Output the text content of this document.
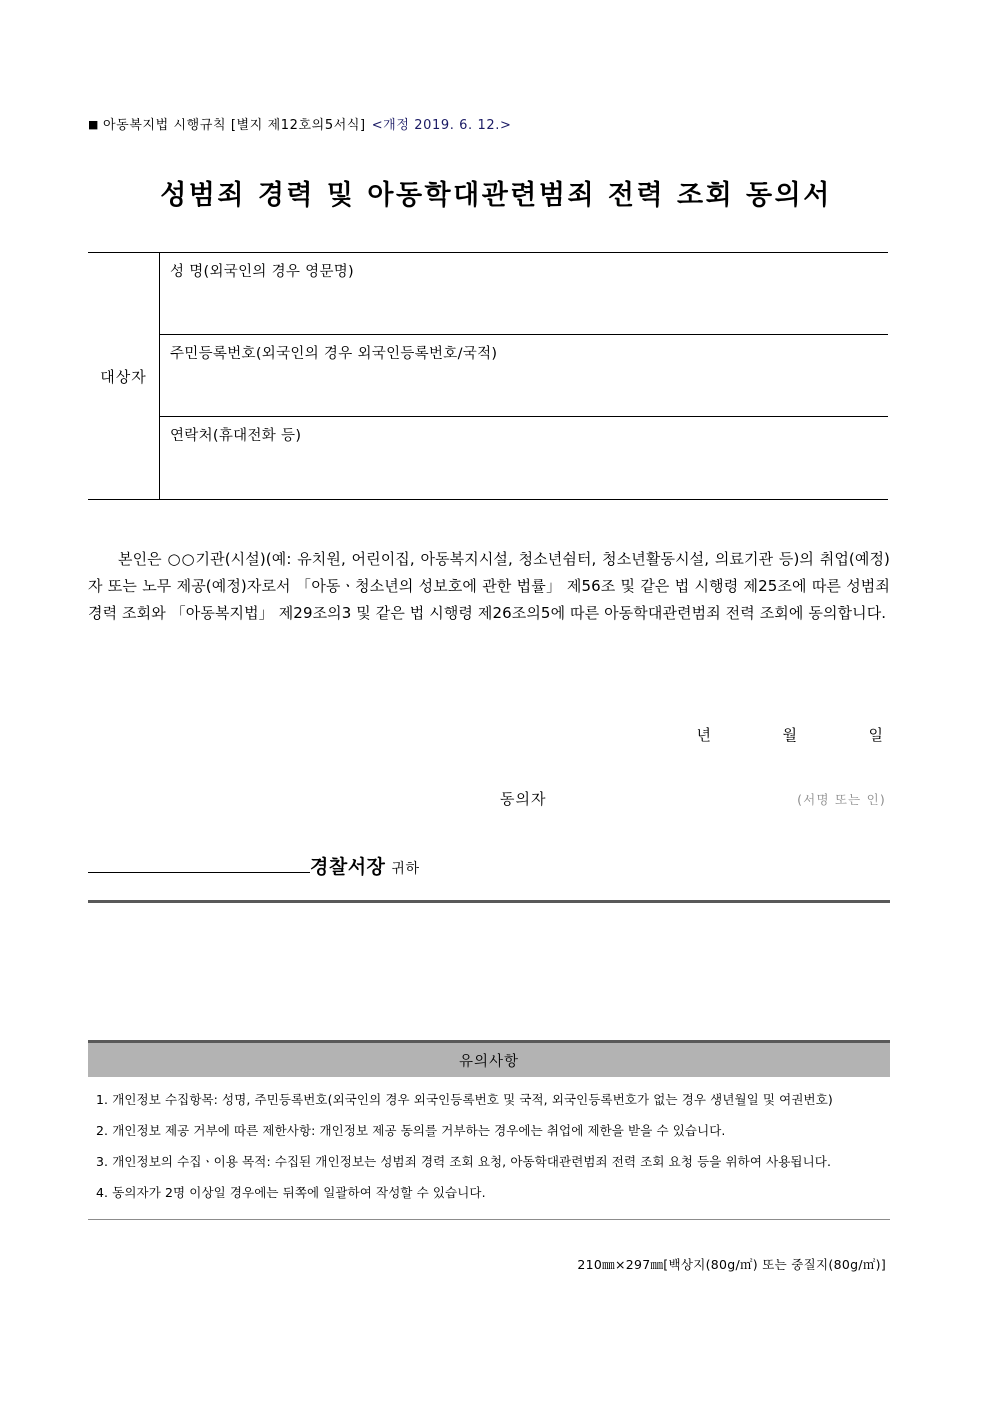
■ 아동복지법 시행규칙 [별지 제12호의5서식] <개정 2019. 6. 12.>
성범죄 경력 및 아동학대관련범죄 전력 조회 동의서
대상자
성 명(외국인의 경우 영문명)
주민등록번호(외국인의 경우 외국인등록번호/국적)
연락처(휴대전화 등)
본인은 ○○기관(시설)(예: 유치원, 어린이집, 아동복지시설, 청소년쉼터, 청소년활동시설, 의료기관 등)의 취업(예정)자 또는 노무 제공(예정)자로서 「아동ㆍ청소년의 성보호에 관한 법률」 제56조 및 같은 법 시행령 제25조에 따른 성범죄 경력 조회와 「아동복지법」 제29조의3 및 같은 법 시행령 제26조의5에 따른 아동학대관련범죄 전력 조회에 동의합니다.
년	월	일
동의자	(서명 또는 인)
경찰서장 귀하
유의사항
1. 개인정보 수집항목: 성명, 주민등록번호(외국인의 경우 외국인등록번호 및 국적, 외국인등록번호가 없는 경우 생년월일 및 여권번호)
2. 개인정보 제공 거부에 따른 제한사항: 개인정보 제공 동의를 거부하는 경우에는 취업에 제한을 받을 수 있습니다.
3. 개인정보의 수집ㆍ이용 목적: 수집된 개인정보는 성범죄 경력 조회 요청, 아동학대관련범죄 전력 조회 요청 등을 위하여 사용됩니다.
4. 동의자가 2명 이상일 경우에는 뒤쪽에 일괄하여 작성할 수 있습니다.
210㎜×297㎜[백상지(80g/㎡) 또는 중질지(80g/㎡)]
